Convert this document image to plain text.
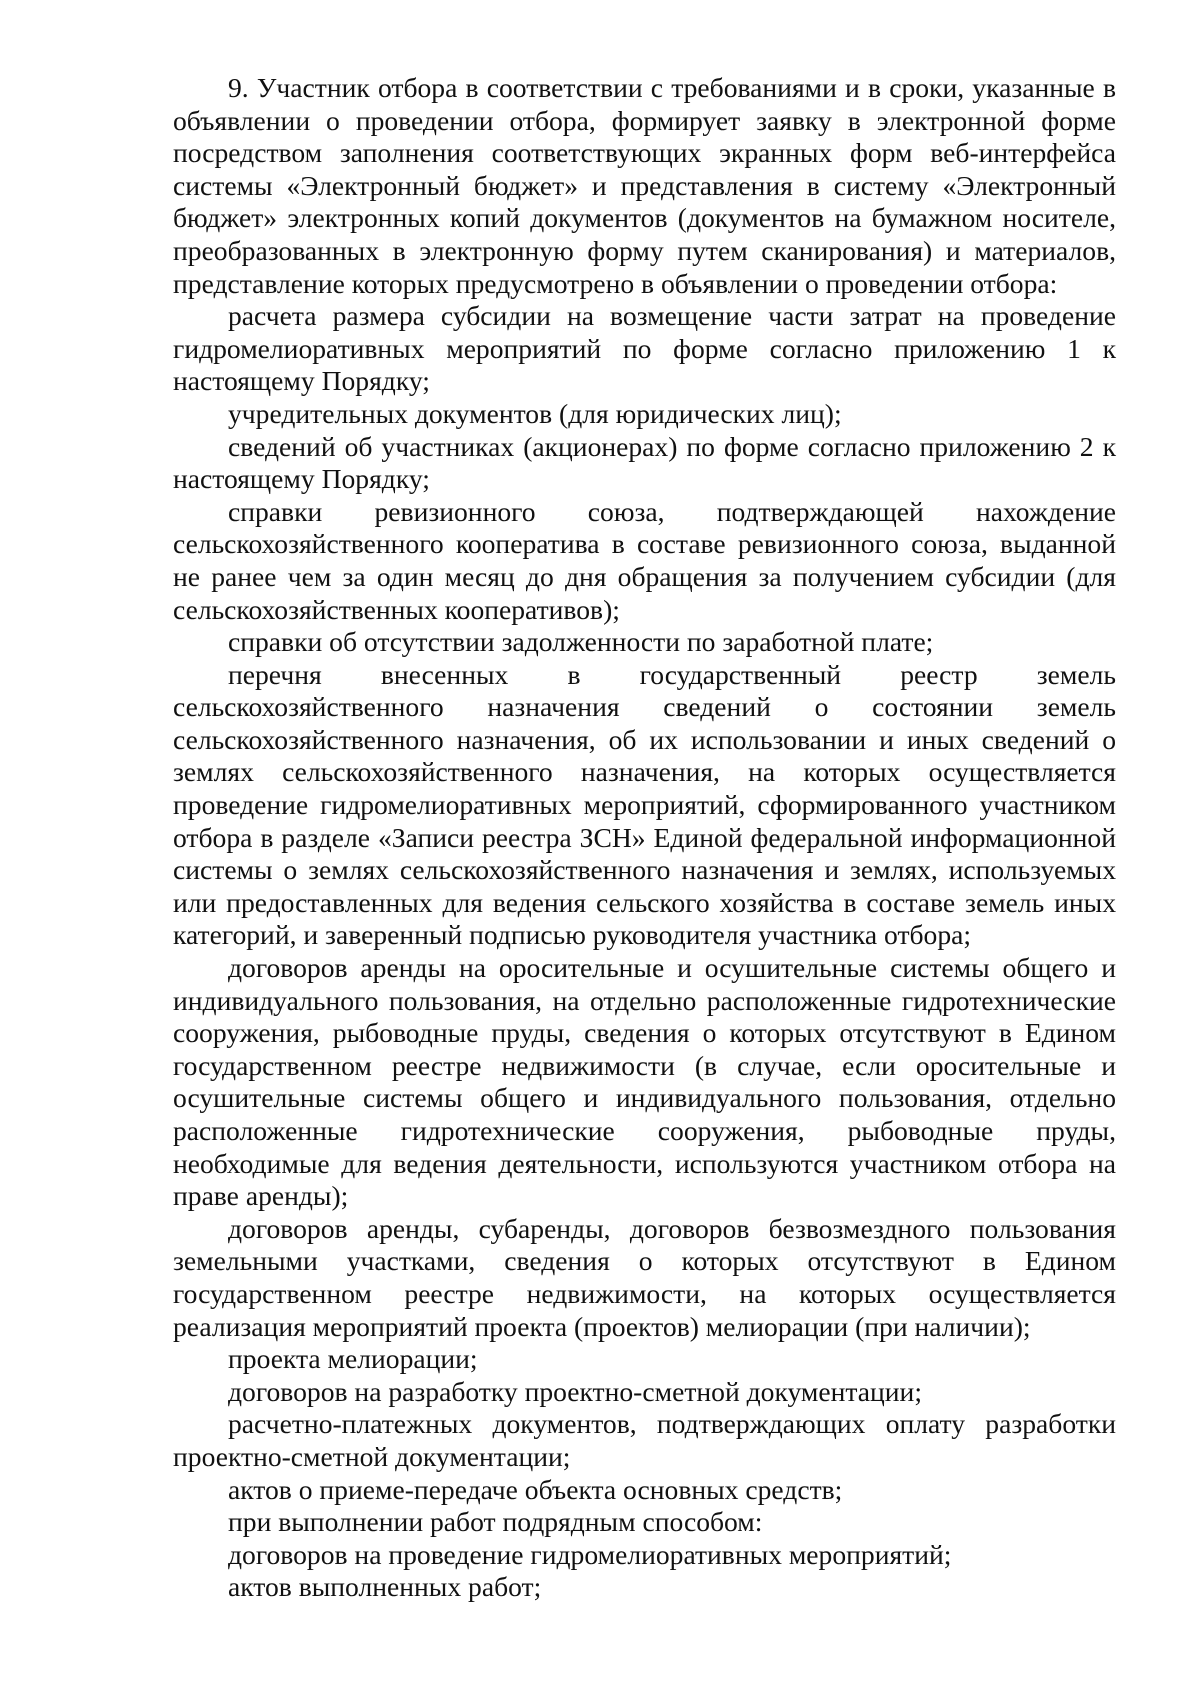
9. Участник отбора в соответствии с требованиями и в сроки, указанные в объявлении о проведении отбора, формирует заявку в электронной форме посредством заполнения соответствующих экранных форм веб-интерфейса системы «Электронный бюджет» и представления в систему «Электронный бюджет» электронных копий документов (документов на бумажном носителе, преобразованных в электронную форму путем сканирования) и материалов, представление которых предусмотрено в объявлении о проведении отбора:

расчета размера субсидии на возмещение части затрат на проведение гидромелиоративных мероприятий по форме согласно приложению 1 к настоящему Порядку;

учредительных документов (для юридических лиц);

сведений об участниках (акционерах) по форме согласно приложению 2 к настоящему Порядку;

справки ревизионного союза, подтверждающей нахождение сельскохозяйственного кооператива в составе ревизионного союза, выданной не ранее чем за один месяц до дня обращения за получением субсидии (для сельскохозяйственных кооперативов);

справки об отсутствии задолженности по заработной плате;

перечня внесенных в государственный реестр земель сельскохозяйственного назначения сведений о состоянии земель сельскохозяйственного назначения, об их использовании и иных сведений о землях сельскохозяйственного назначения, на которых осуществляется проведение гидромелиоративных мероприятий, сформированного участником отбора в разделе «Записи реестра ЗСН» Единой федеральной информационной системы о землях сельскохозяйственного назначения и землях, используемых или предоставленных для ведения сельского хозяйства в составе земель иных категорий, и заверенный подписью руководителя участника отбора;

договоров аренды на оросительные и осушительные системы общего и индивидуального пользования, на отдельно расположенные гидротехнические сооружения, рыбоводные пруды, сведения о которых отсутствуют в Едином государственном реестре недвижимости (в случае, если оросительные и осушительные системы общего и индивидуального пользования, отдельно расположенные гидротехнические сооружения, рыбоводные пруды, необходимые для ведения деятельности, используются участником отбора на праве аренды);

договоров аренды, субаренды, договоров безвозмездного пользования земельными участками, сведения о которых отсутствуют в Едином государственном реестре недвижимости, на которых осуществляется реализация мероприятий проекта (проектов) мелиорации (при наличии);

проекта мелиорации;

договоров на разработку проектно-сметной документации;

расчетно-платежных документов, подтверждающих оплату разработки проектно-сметной документации;

актов о приеме-передаче объекта основных средств;

при выполнении работ подрядным способом:

договоров на проведение гидромелиоративных мероприятий;

актов выполненных работ;
